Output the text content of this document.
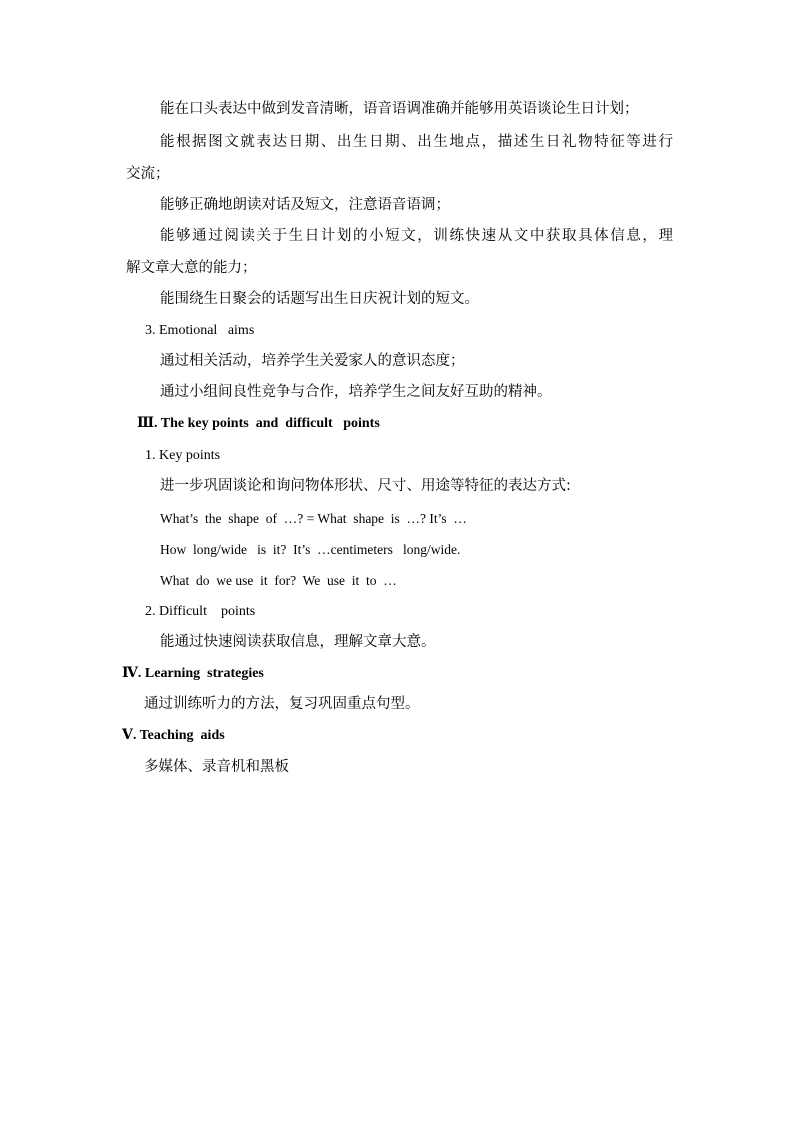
能在口头表达中做到发音清晰，语音语调准确并能够用英语谈论生日计划；
能根据图文就表达日期、出生日期、出生地点，描述生日礼物特征等进行
交流；
能够正确地朗读对话及短文，注意语音语调；
能够通过阅读关于生日计划的小短文，训练快速从文中获取具体信息，理
解文章大意的能力；
能围绕生日聚会的话题写出生日庆祝计划的短文。
3. Emotional   aims
通过相关活动，培养学生关爱家人的意识态度；
通过小组间良性竞争与合作，培养学生之间友好互助的精神。
Ⅲ. The key points  and  difficult   points
1. Key points
进一步巩固谈论和询问物体形状、尺寸、用途等特征的表达方式:
What’s  the  shape  of  …? = What  shape  is  …? It’s  …
How  long/wide   is  it?  It’s  …centimeters   long/wide.
What  do  we use  it  for?  We  use  it  to  …
2. Difficult    points
能通过快速阅读获取信息，理解文章大意。
Ⅳ. Learning  strategies
通过训练听力的方法，复习巩固重点句型。
Ⅴ. Teaching  aids
多媒体、录音机和黑板
